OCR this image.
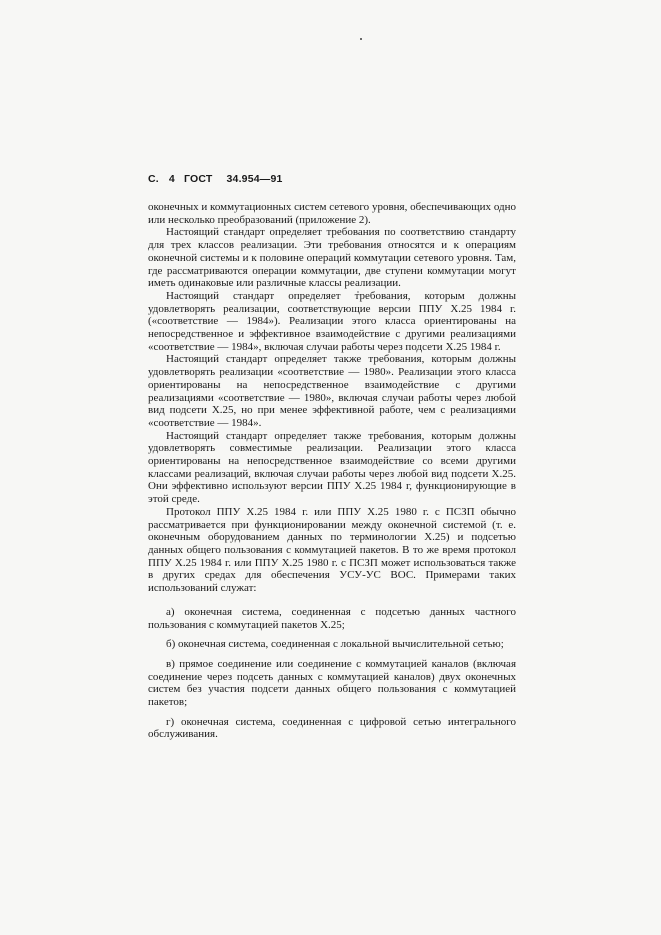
С. 4 ГОСТ 34.954—91

оконечных и коммутационных систем сетевого уровня, обеспечивающих одно или несколько преобразований (приложение 2).

Настоящий стандарт определяет требования по соответствию стандарту для трех классов реализации. Эти требования относятся и к операциям оконечной системы и к половине операций коммутации сетевого уровня. Там, где рассматриваются операции коммутации, две ступени коммутации могут иметь одинаковые или различные классы реализации.

Настоящий стандарт определяет требования, которым должны удовлетворять реализации, соответствующие версии ППУ Х.25 1984 г. («соответствие — 1984»). Реализации этого класса ориентированы на непосредственное и эффективное взаимодействие с другими реализациями «соответствие — 1984», включая случаи работы через подсети Х.25 1984 г.

Настоящий стандарт определяет также требования, которым должны удовлетворять реализации «соответствие — 1980». Реализации этого класса ориентированы на непосредственное взаимодействие с другими реализациями «соответствие — 1980», включая случаи работы через любой вид подсети Х.25, но при менее эффективной работе, чем с реализациями «соответствие — 1984».

Настоящий стандарт определяет также требования, которым должны удовлетворять совместимые реализации. Реализации этого класса ориентированы на непосредственное взаимодействие со всеми другими классами реализаций, включая случаи работы через любой вид подсети Х.25. Они эффективно используют версии ППУ Х.25 1984 г, функционирующие в этой среде.

Протокол ППУ Х.25 1984 г. или ППУ Х.25 1980 г. с ПСЗП обычно рассматривается при функционировании между оконечной системой (т. е. оконечным оборудованием данных по терминологии Х.25) и подсетью данных общего пользования с коммутацией пакетов. В то же время протокол ППУ Х.25 1984 г. или ППУ Х.25 1980 г. с ПСЗП может использоваться также в других средах для обеспечения УСУ-УС ВОС. Примерами таких использований служат:

а) оконечная система, соединенная с подсетью данных частного пользования с коммутацией пакетов Х.25;

б) оконечная система, соединенная с локальной вычислительной сетью;

в) прямое соединение или соединение с коммутацией каналов (включая соединение через подсеть данных с коммутацией каналов) двух оконечных систем без участия подсети данных общего пользования с коммутацией пакетов;

г) оконечная система, соединенная с цифровой сетью интегрального обслуживания.
